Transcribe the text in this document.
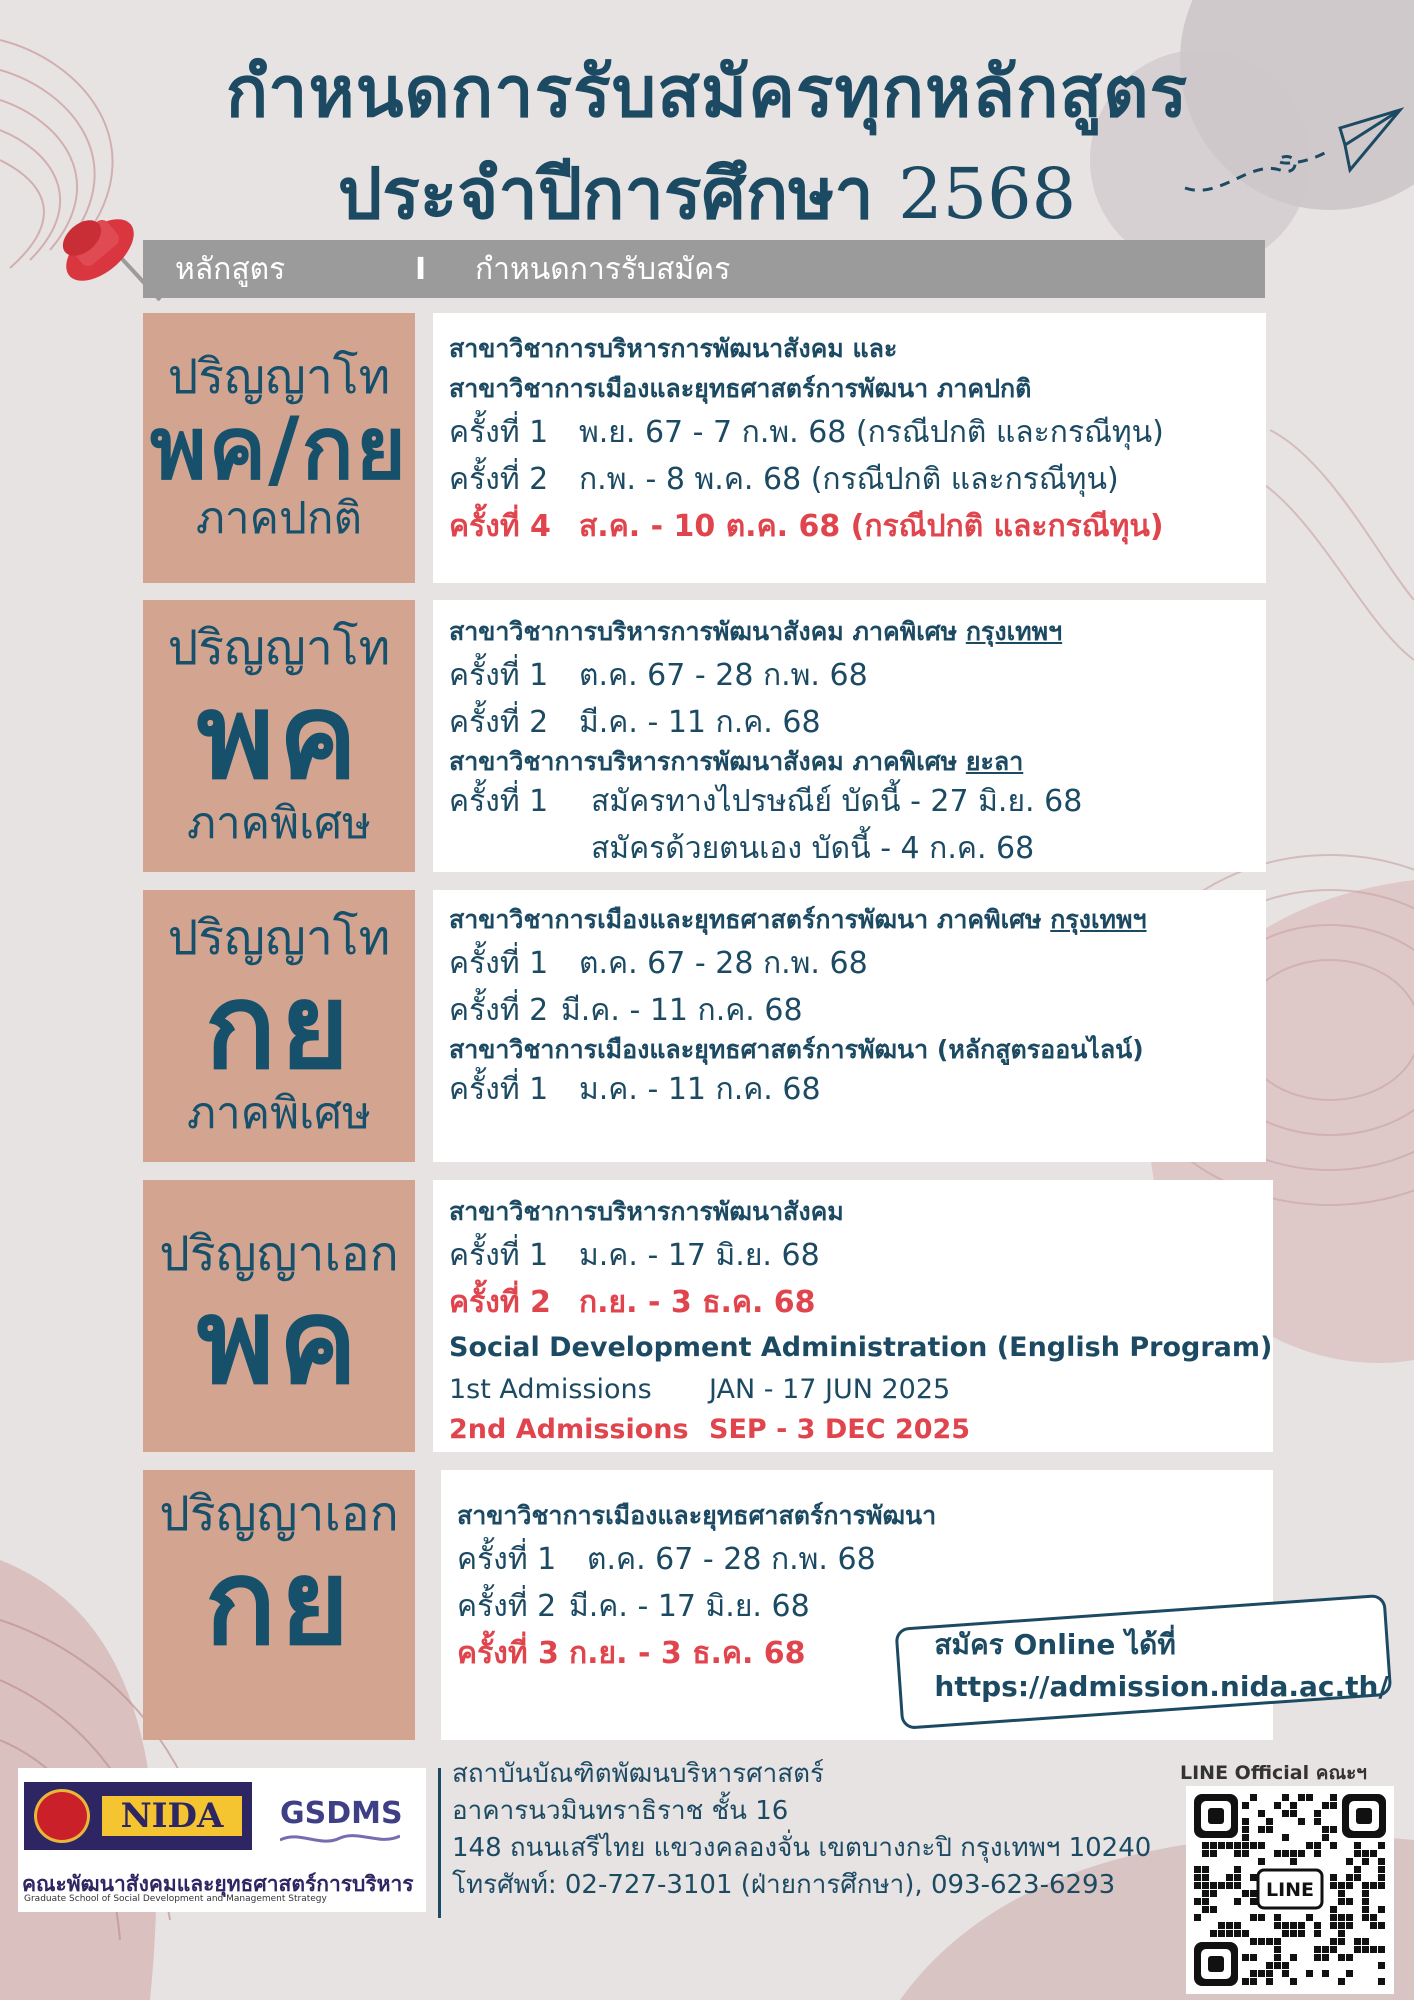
กำหนดการรับสมัครทุกหลักสูตร
ประจำปีการศึกษา 2568
หลักสูตร	I	กำหนดการรับสมัคร
ปริญญาโท
พค/กย
ภาคปกติ
สาขาวิชาการบริหารการพัฒนาสังคม และ
สาขาวิชาการเมืองและยุทธศาสตร์การพัฒนา ภาคปกติ
ครั้งที่ 1 พ.ย. 67 - 7 ก.พ. 68 (กรณีปกติ และกรณีทุน)
ครั้งที่ 2 ก.พ. - 8 พ.ค. 68 (กรณีปกติ และกรณีทุน)
ครั้งที่ 4 ส.ค. - 10 ต.ค. 68 (กรณีปกติ และกรณีทุน)
ปริญญาโท
พค
ภาคพิเศษ
สาขาวิชาการบริหารการพัฒนาสังคม ภาคพิเศษ กรุงเทพฯ
ครั้งที่ 1 ต.ค. 67 - 28 ก.พ. 68
ครั้งที่ 2 มี.ค. - 11 ก.ค. 68
สาขาวิชาการบริหารการพัฒนาสังคม ภาคพิเศษ ยะลา
ครั้งที่ 1 สมัครทางไปรษณีย์ บัดนี้ - 27 มิ.ย. 68
สมัครด้วยตนเอง บัดนี้ - 4 ก.ค. 68
ปริญญาโท
กย
ภาคพิเศษ
สาขาวิชาการเมืองและยุทธศาสตร์การพัฒนา ภาคพิเศษ กรุงเทพฯ
ครั้งที่ 1 ต.ค. 67 - 28 ก.พ. 68
ครั้งที่ 2 มี.ค. - 11 ก.ค. 68
สาขาวิชาการเมืองและยุทธศาสตร์การพัฒนา (หลักสูตรออนไลน์)
ครั้งที่ 1 ม.ค. - 11 ก.ค. 68
ปริญญาเอก
พค
สาขาวิชาการบริหารการพัฒนาสังคม
ครั้งที่ 1 ม.ค. - 17 มิ.ย. 68
ครั้งที่ 2 ก.ย. - 3 ธ.ค. 68
Social Development Administration (English Program)
1st Admissions JAN - 17 JUN 2025
2nd Admissions SEP - 3 DEC 2025
ปริญญาเอก
กย
สาขาวิชาการเมืองและยุทธศาสตร์การพัฒนา
ครั้งที่ 1 ต.ค. 67 - 28 ก.พ. 68
ครั้งที่ 2 มี.ค. - 17 มิ.ย. 68
ครั้งที่ 3 ก.ย. - 3 ธ.ค. 68	สมัคร Online ได้ที่
https://admission.nida.ac.th/
NIDA	GSDMS
คณะพัฒนาสังคมและยุทธศาสตร์การบริหาร
Graduate School of Social Development and Management Strategy
สถาบันบัณฑิตพัฒนบริหารศาสตร์
อาคารนวมินทราธิราช ชั้น 16
148 ถนนเสรีไทย แขวงคลองจั่น เขตบางกะปิ กรุงเทพฯ 10240
โทรศัพท์: 02-727-3101 (ฝ่ายการศึกษา), 093-623-6293
LINE Official คณะฯ
LINE
